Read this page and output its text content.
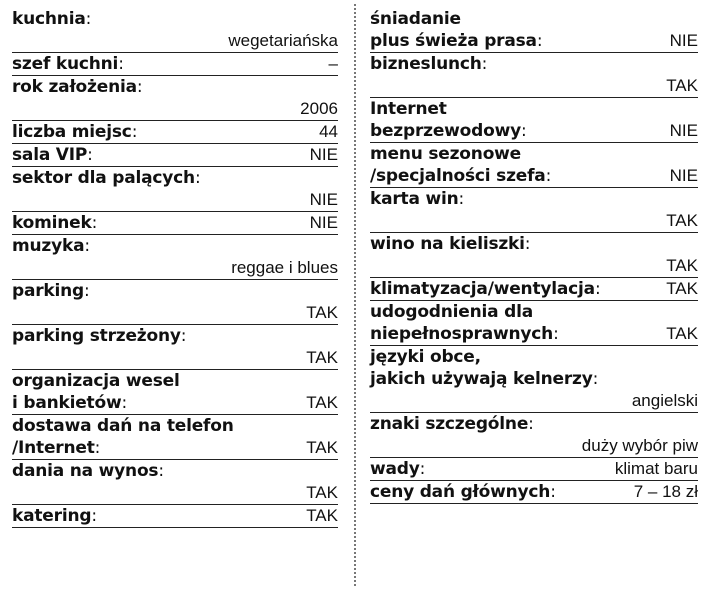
kuchnia:
wegetariańska
szef kuchni:	–
rok założenia:
2006
liczba miejsc:	44
sala VIP:	NIE
sektor dla palących:
NIE
kominek:	NIE
muzyka:
reggae i blues
parking:
TAK
parking strzeżony:
TAK
organizacja wesel
i bankietów:	TAK
dostawa dań na telefon
/Internet:	TAK
dania na wynos:
TAK
katering:	TAK
śniadanie
plus świeża prasa:	NIE
bizneslunch:
TAK
Internet
bezprzewodowy:	NIE
menu sezonowe
/specjalności szefa:	NIE
karta win:
TAK
wino na kieliszki:
TAK
klimatyzacja/wentylacja:	TAK
udogodnienia dla
niepełnosprawnych:	TAK
języki obce,
jakich używają kelnerzy:
angielski
znaki szczególne:
duży wybór piw
wady:	klimat baru
ceny dań głównych:	7 – 18 zł
